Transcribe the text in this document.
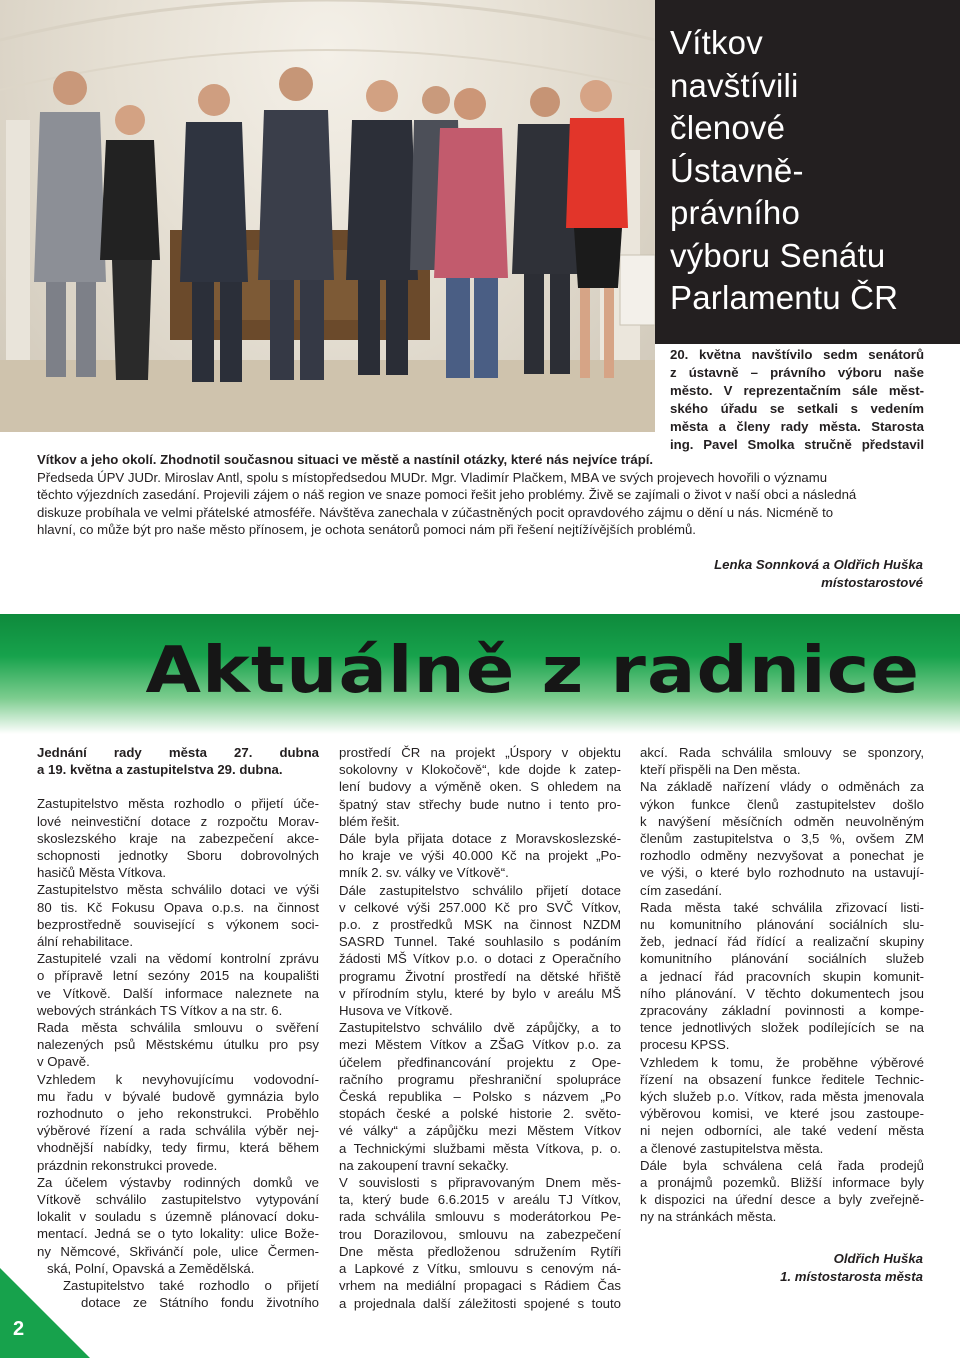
Vítkov
navštívili
členové
Ústavně-
právního
výboru Senátu
Parlamentu ČR
20. května navštívilo sedm senátorů
z ústavně – právního výboru naše
město. V reprezentačním sále měst-
ského úřadu se setkali s vedením
města a členy rady města. Starosta
ing. Pavel Smolka stručně představil
Vítkov a jeho okolí. Zhodnotil současnou situaci ve městě a nastínil otázky, které nás nejvíce trápí.
Předseda ÚPV JUDr. Miroslav Antl, spolu s místopředsedou MUDr. Mgr. Vladimír Plačkem, MBA ve svých projevech hovořili o významu
těchto výjezdních zasedání. Projevili zájem o náš region ve snaze pomoci řešit jeho problémy. Živě se zajímali o život v naší obci a následná
diskuze probíhala ve velmi přátelské atmosféře. Návštěva zanechala v zúčastněných pocit opravdového zájmu o dění u nás. Nicméně to
hlavní, co může být pro naše město přínosem, je ochota senátorů pomoci nám při řešení nejtížívějších problémů.
Lenka Sonnková a Oldřich Huška
místostarostové
Aktuálně z radnice
Jednání rady města 27. dubna
a 19. května a zastupitelstva 29. dubna.
Zastupitelstvo města rozhodlo o přijetí úče-
lové neinvestiční dotace z rozpočtu Morav-
skoslezského kraje na zabezpečení akce-
schopnosti jednotky Sboru dobrovolných
hasičů Města Vítkova.
Zastupitelstvo města schválilo dotaci ve výši
80 tis. Kč Fokusu Opava o.p.s. na činnost
bezprostředně související s výkonem soci-
ální rehabilitace.
Zastupitelé vzali na vědomí kontrolní zprávu
o přípravě letní sezóny 2015 na koupališti
ve Vítkově. Další informace naleznete na
webových stránkách TS Vítkov a na str. 6.
Rada města schválila smlouvu o svěření
nalezených psů Městskému útulku pro psy
v Opavě.
Vzhledem k nevyhovujícímu vodovodní-
mu řadu v bývalé budově gymnázia bylo
rozhodnuto o jeho rekonstrukci. Proběhlo
výběrové řízení a rada schválila výběr nej-
vhodnější nabídky, tedy firmu, která během
prázdnin rekonstrukci provede.
Za účelem výstavby rodinných domků ve
Vítkově schválilo zastupitelstvo vytypování
lokalit v souladu s územně plánovací doku-
mentací. Jedná se o tyto lokality: ulice Bože-
ny Němcové, Skřivánčí pole, ulice Čermen-
ská, Polní, Opavská a Zemědělská.
Zastupitelstvo také rozhodlo o přijetí
dotace ze Státního fondu životního
prostředí ČR na projekt „Úspory v objektu
sokolovny v Klokočově“, kde dojde k zatep-
lení budovy a výměně oken. S ohledem na
špatný stav střechy bude nutno i tento pro-
blém řešit.
Dále byla přijata dotace z Moravskoslezské-
ho kraje ve výši 40.000 Kč na projekt „Po-
mník 2. sv. války ve Vítkově“.
Dále zastupitelstvo schválilo přijetí dotace
v celkové výši 257.000 Kč pro SVČ Vítkov,
p.o. z prostředků MSK na činnost NZDM
SASRD Tunnel. Také souhlasilo s podáním
žádosti MŠ Vítkov p.o. o dotaci z Operačního
programu Životní prostředí na dětské hřiště
v přírodním stylu, které by bylo v areálu MŠ
Husova ve Vítkově.
Zastupitelstvo schválilo dvě zápůjčky, a to
mezi Městem Vítkov a ZŠaG Vítkov p.o. za
účelem předfinancování projektu z Ope-
račního programu přeshraniční spolupráce
Česká republika – Polsko s názvem „Po
stopách české a polské historie 2. světo-
vé války“ a zápůjčku mezi Městem Vítkov
a Technickými službami města Vítkova, p. o.
na zakoupení travní sekačky.
V souvislosti s připravovaným Dnem měs-
ta, který bude 6.6.2015 v areálu TJ Vítkov,
rada schválila smlouvu s moderátorkou Pe-
trou Dorazilovou, smlouvu na zabezpečení
Dne města předloženou sdružením Rytíři
a Lapkové z Vítku, smlouvu s cenovým ná-
vrhem na mediální propagaci s Rádiem Čas
a projednala další záležitosti spojené s touto
akcí. Rada schválila smlouvy se sponzory,
kteří přispěli na Den města.
Na základě nařízení vlády o odměnách za
výkon funkce členů zastupitelstev došlo
k navýšení měsíčních odměn neuvolněným
členům zastupitelstva o 3,5 %, ovšem ZM
rozhodlo odměny nezvyšovat a ponechat je
ve výši, o které bylo rozhodnuto na ustavují-
cím zasedání.
Rada města také schválila zřizovací listi-
nu komunitního plánování sociálních slu-
žeb, jednací řád řídící a realizační skupiny
komunitního plánování sociálních služeb
a jednací řád pracovních skupin komunit-
ního plánování. V těchto dokumentech jsou
zpracovány základní povinnosti a kompe-
tence jednotlivých složek podílejících se na
procesu KPSS.
Vzhledem k tomu, že proběhne výběrové
řízení na obsazení funkce ředitele Technic-
kých služeb p.o. Vítkov, rada města jmenovala
výběrovou komisi, ve které jsou zastoupe-
ni nejen odborníci, ale také vedení města
a členové zastupitelstva města.
Dále byla schválena celá řada prodejů
a pronájmů pozemků. Bližší informace byly
k dispozici na úřední desce a byly zveřejně-
ny na stránkách města.
Oldřich Huška
1. místostarosta města
2
